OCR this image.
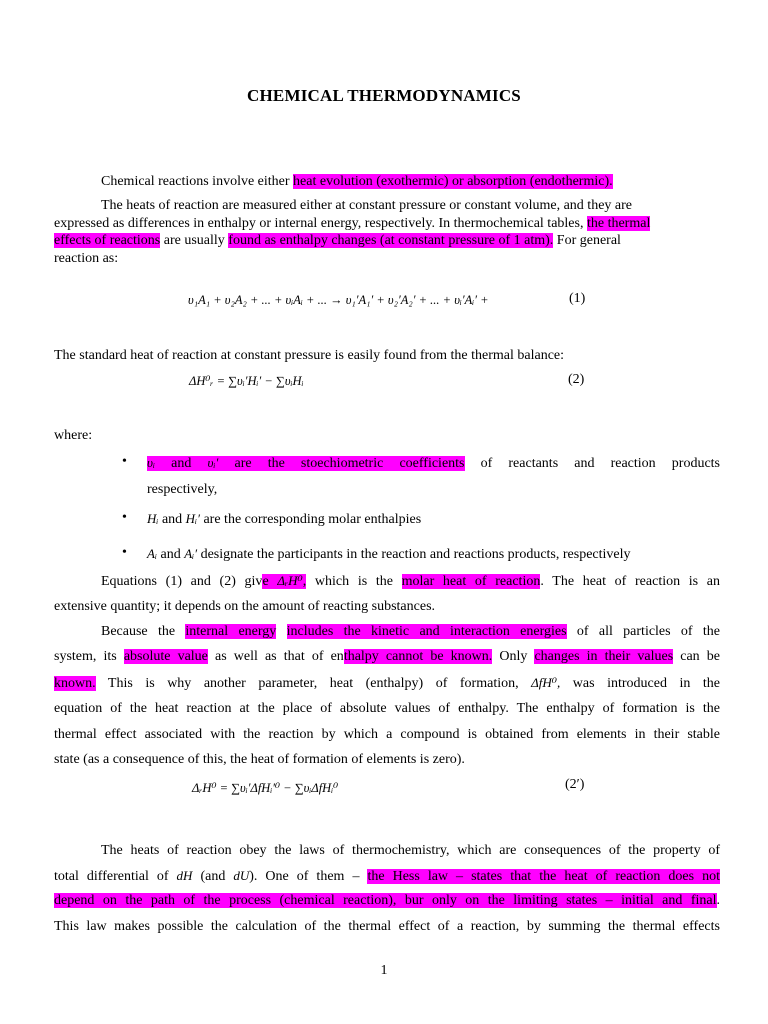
CHEMICAL THERMODYNAMICS
Chemical reactions involve either heat evolution (exothermic) or absorption (endothermic).
The heats of reaction are measured either at constant pressure or constant volume, and they are
expressed as differences in enthalpy or internal energy, respectively. In thermochemical tables, the thermal
effects of reactions are usually found as enthalpy changes (at constant pressure of 1 atm). For general
reaction as:
υ₁A₁ + υ₂A₂ + ... + υᵢAᵢ + ... → υ₁′A₁′ + υ₂′A₂′ + ... + υᵢ′Aᵢ′ +	(1)
The standard heat of reaction at constant pressure is easily found from the thermal balance:
ΔH⁰ᵣ = ∑υᵢ′Hᵢ′ − ∑υᵢHᵢ	(2)
where:
• υᵢ and υᵢ′ are the stoechiometric coefficients of reactants and reaction products
respectively,
• Hᵢ and Hᵢ′ are the corresponding molar enthalpies
• Aᵢ and Aᵢ′ designate the participants in the reaction and reactions products, respectively
Equations (1) and (2) give ΔᵣH⁰, which is the molar heat of reaction. The heat of reaction is an
extensive quantity; it depends on the amount of reacting substances.
Because the internal energy includes the kinetic and interaction energies of all particles of the
system, its absolute value as well as that of enthalpy cannot be known. Only changes in their values can be
known. This is why another parameter, heat (enthalpy) of formation, ΔfH⁰, was introduced in the
equation of the heat reaction at the place of absolute values of enthalpy. The enthalpy of formation is the
thermal effect associated with the reaction by which a compound is obtained from elements in their stable
state (as a consequence of this, the heat of formation of elements is zero).
ΔᵣH⁰ = ∑υᵢ′ΔfHᵢ′⁰ − ∑υᵢΔfHᵢ⁰	(2′)
The heats of reaction obey the laws of thermochemistry, which are consequences of the property of
total differential of dH (and dU). One of them – the Hess law – states that the heat of reaction does not
depend on the path of the process (chemical reaction), bur only on the limiting states – initial and final.
This law makes possible the calculation of the thermal effect of a reaction, by summing the thermal effects
1
